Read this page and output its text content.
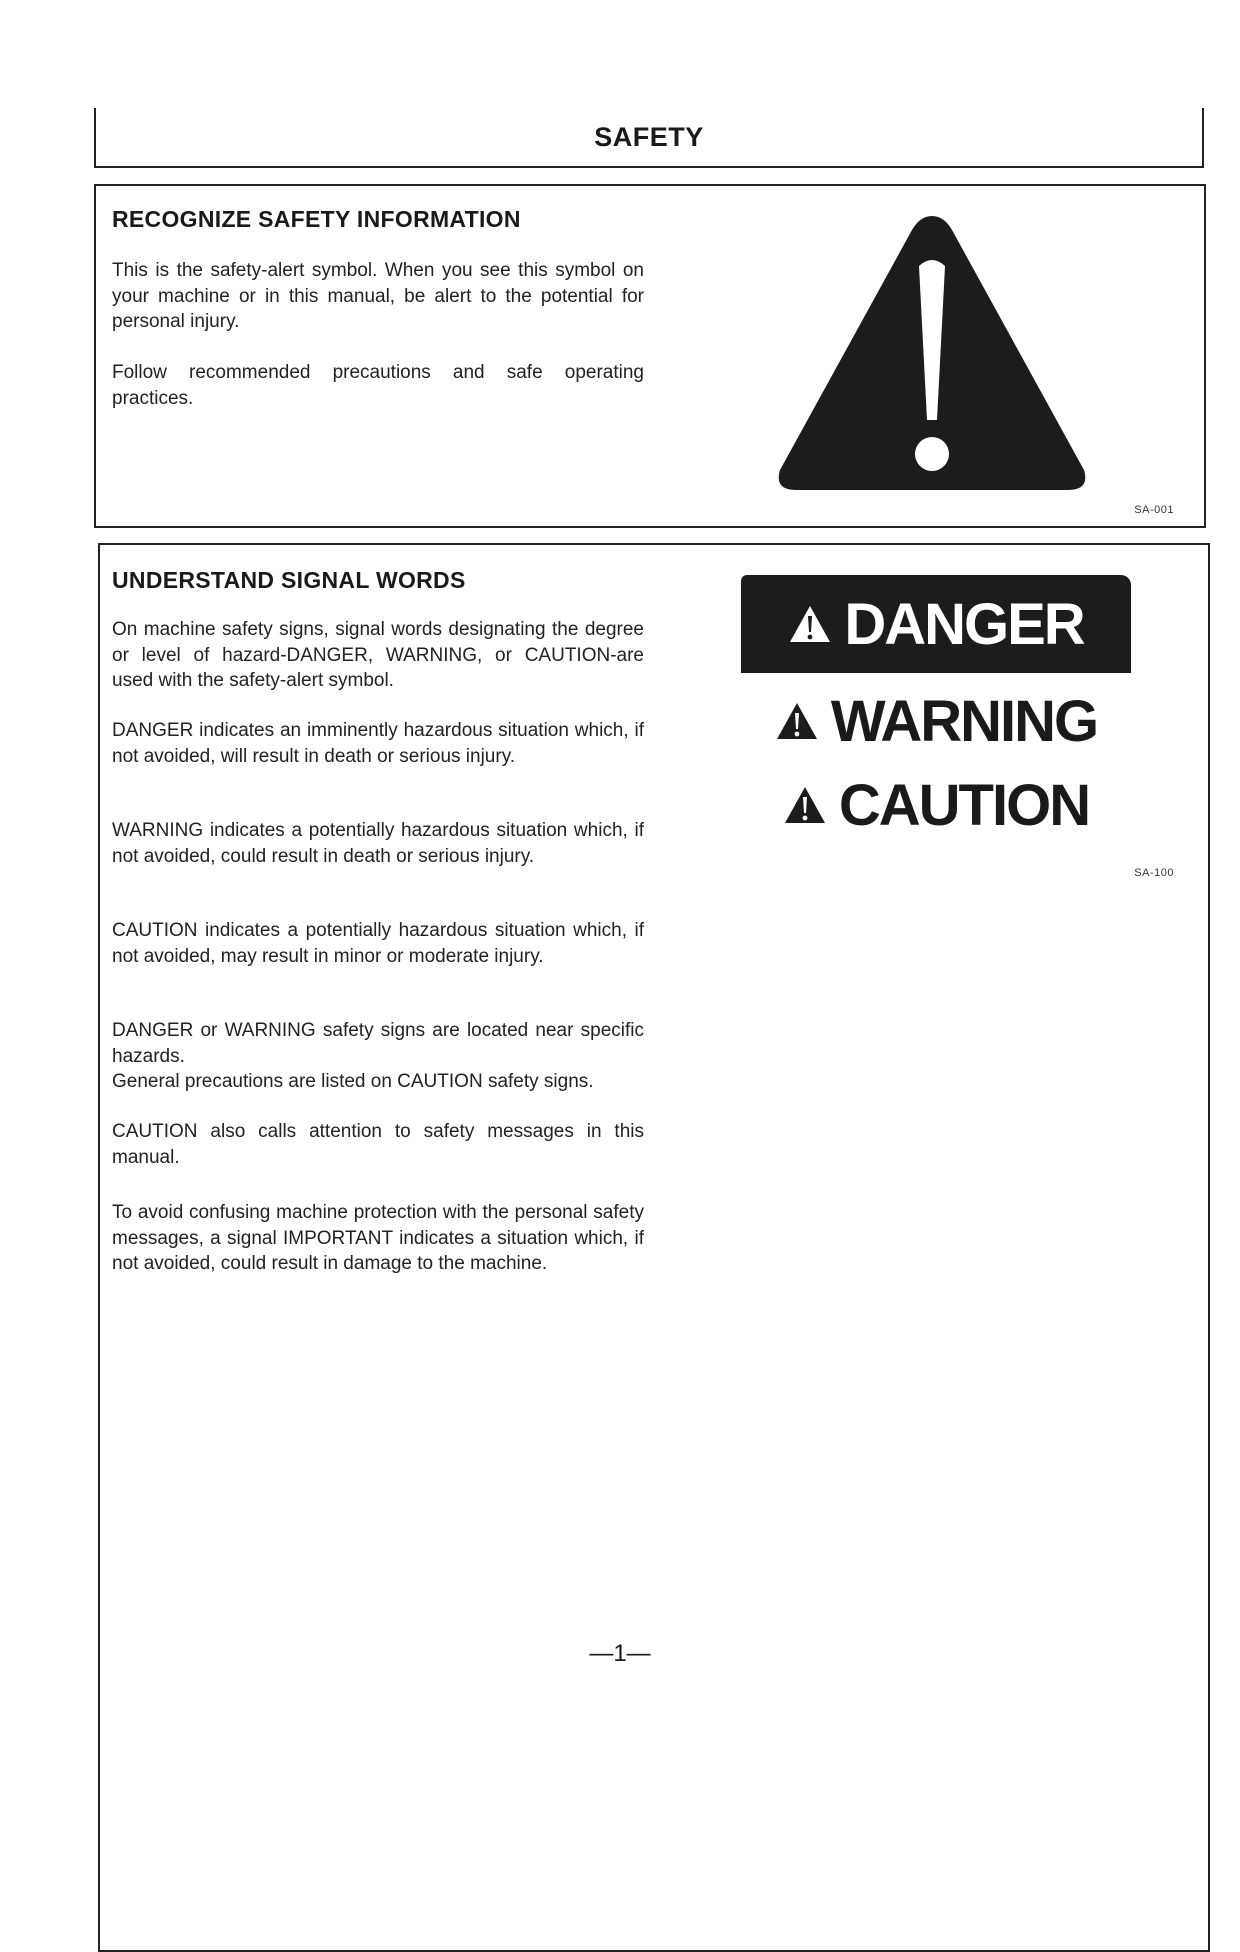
SAFETY
RECOGNIZE SAFETY INFORMATION
This is the safety-alert symbol. When you see this symbol on your machine or in this manual, be alert to the potential for personal injury.
Follow recommended precautions and safe operating practices.
SA-001
UNDERSTAND SIGNAL WORDS
On machine safety signs, signal words designating the degree or level of hazard-DANGER, WARNING, or CAUTION-are used with the safety-alert symbol.
DANGER indicates an imminently hazardous situation which, if not avoided, will result in death or serious injury.
WARNING indicates a potentially hazardous situation which, if not avoided, could result in death or serious injury.
CAUTION indicates a potentially hazardous situation which, if not avoided, may result in minor or moderate injury.
DANGER or WARNING safety signs are located near specific hazards.
General precautions are listed on CAUTION safety signs.
CAUTION also calls attention to safety messages in this manual.
To avoid confusing machine protection with the personal safety messages, a signal IMPORTANT indicates a situation which, if not avoided, could result in damage to the machine.
DANGER
WARNING
CAUTION
SA-100
—1—
